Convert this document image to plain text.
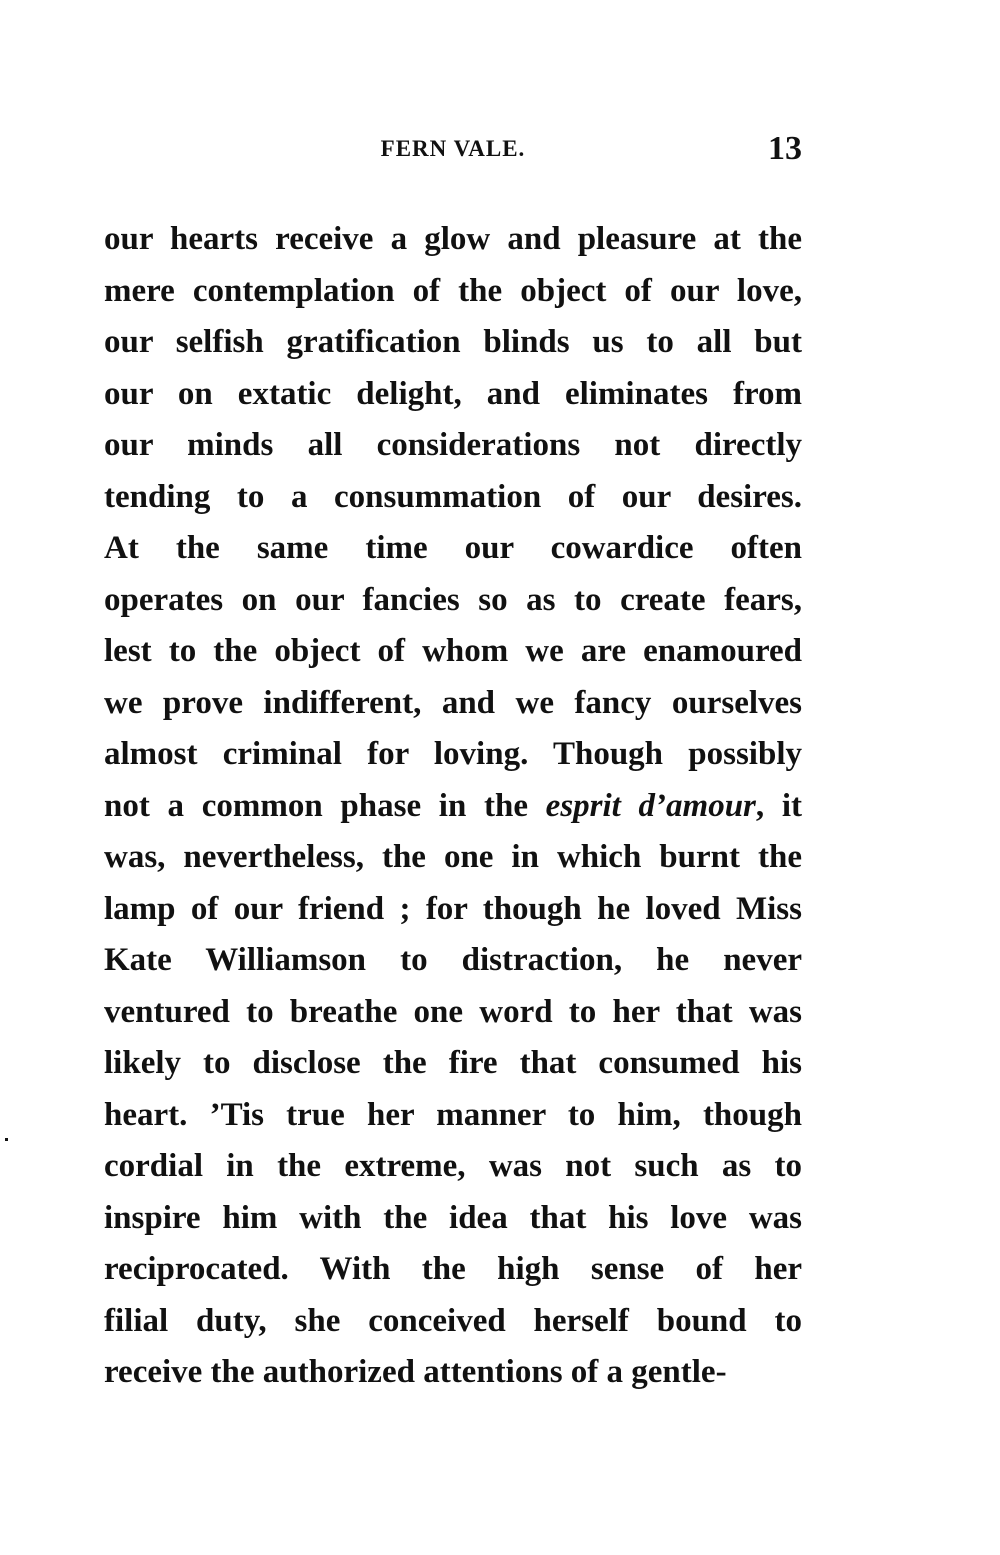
FERN VALE.	13
our hearts receive a glow and pleasure at the
mere contemplation of the object of our love,
our selfish gratification blinds us to all but
our on extatic delight, and eliminates from
our minds all considerations not directly
tending to a consummation of our desires.
At the same time our cowardice often
operates on our fancies so as to create fears,
lest to the object of whom we are enamoured
we prove indifferent, and we fancy ourselves
almost criminal for loving. Though possibly
not a common phase in the esprit d’amour, it
was, nevertheless, the one in which burnt the
lamp of our friend ; for though he loved Miss
Kate Williamson to distraction, he never
ventured to breathe one word to her that was
likely to disclose the fire that consumed his
heart. ’Tis true her manner to him, though
cordial in the extreme, was not such as to
inspire him with the idea that his love was
reciprocated. With the high sense of her
filial duty, she conceived herself bound to
receive the authorized attentions of a gentle-
